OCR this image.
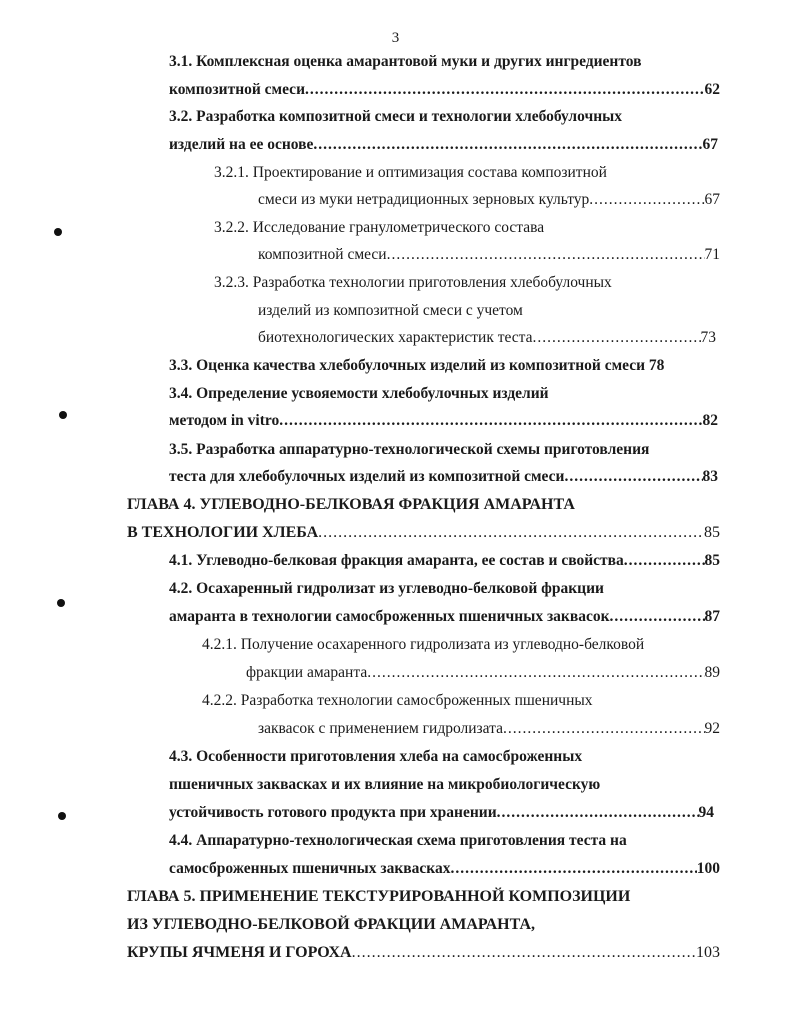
3
3.1. Комплексная оценка амарантовой муки и других ингредиентов
композитной смеси .....	62
3.2. Разработка композитной смеси и технологии хлебобулочных
изделий на ее основе .....	67
3.2.1. Проектирование и оптимизация состава композитной
смеси из муки нетрадиционных зерновых культур .....	67
3.2.2. Исследование гранулометрического состава
композитной смеси .....	71
3.2.3. Разработка технологии приготовления хлебобулочных
изделий из композитной смеси с учетом
биотехнологических характеристик теста .....	73
3.3. Оценка качества хлебобулочных изделий из композитной смеси 78
3.4. Определение усвояемости хлебобулочных изделий
методом in vitro .....	82
3.5. Разработка аппаратурно-технологической схемы приготовления
теста для хлебобулочных изделий из композитной смеси .....	83
ГЛАВА 4. УГЛЕВОДНО-БЕЛКОВАЯ ФРАКЦИЯ АМАРАНТА
В ТЕХНОЛОГИИ ХЛЕБА .....	85
4.1. Углеводно-белковая фракция амаранта, ее состав и свойства .....	85
4.2. Осахаренный гидролизат из углеводно-белковой фракции
амаранта в технологии самосброженных пшеничных заквасок .....	87
4.2.1. Получение осахаренного гидролизата из углеводно-белковой
фракции амаранта .....	89
4.2.2. Разработка технологии самосброженных пшеничных
заквасок с применением гидролизата .....	92
4.3. Особенности приготовления хлеба на самосброженных
пшеничных заквасках и их влияние на микробиологическую
устойчивость готового продукта при хранении .....	94
4.4. Аппаратурно-технологическая схема приготовления теста на
самосброженных пшеничных заквасках .....	100
ГЛАВА 5. ПРИМЕНЕНИЕ ТЕКСТУРИРОВАННОЙ КОМПОЗИЦИИ
ИЗ УГЛЕВОДНО-БЕЛКОВОЙ ФРАКЦИИ АМАРАНТА,
КРУПЫ ЯЧМЕНЯ И ГОРОХА .....	103
